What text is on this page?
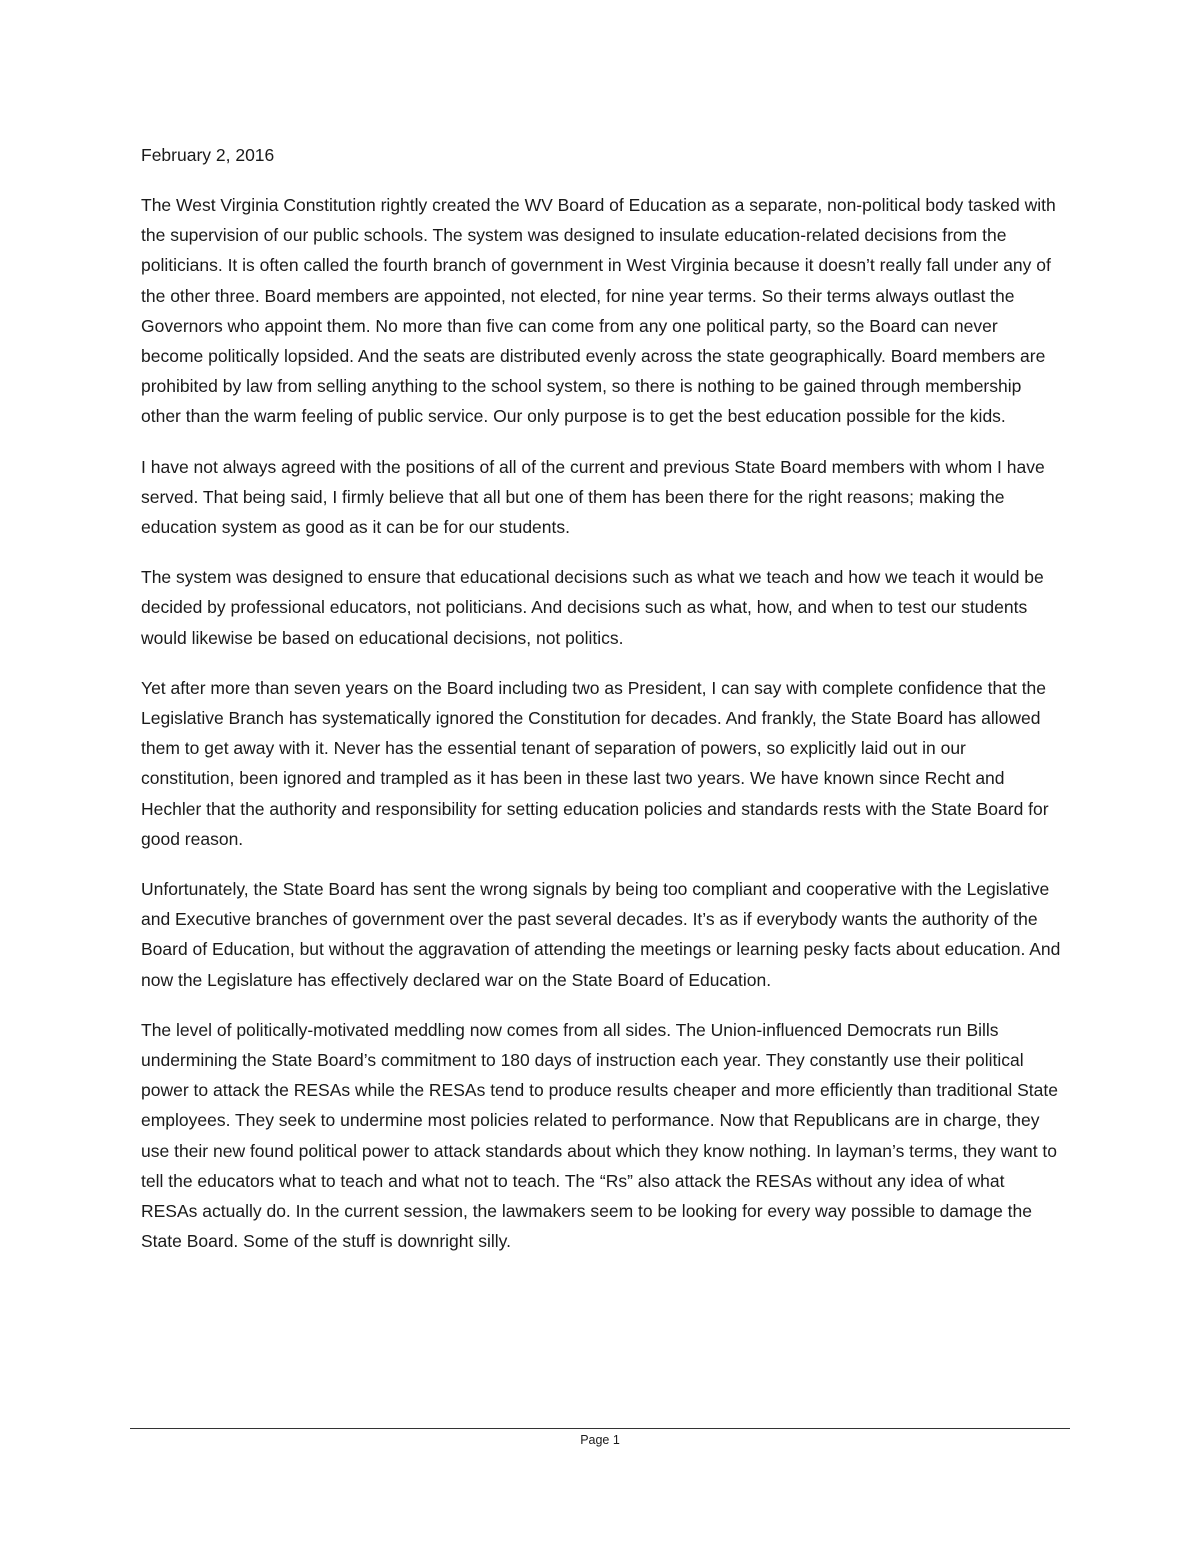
February 2, 2016

The West Virginia Constitution rightly created the WV Board of Education as a separate, non-political body tasked with the supervision of our public schools. The system was designed to insulate education-related decisions from the politicians. It is often called the fourth branch of government in West Virginia because it doesn’t really fall under any of the other three. Board members are appointed, not elected, for nine year terms. So their terms always outlast the Governors who appoint them. No more than five can come from any one political party, so the Board can never become politically lopsided. And the seats are distributed evenly across the state geographically. Board members are prohibited by law from selling anything to the school system, so there is nothing to be gained through membership other than the warm feeling of public service. Our only purpose is to get the best education possible for the kids.

I have not always agreed with the positions of all of the current and previous State Board members with whom I have served. That being said, I firmly believe that all but one of them has been there for the right reasons; making the education system as good as it can be for our students.

The system was designed to ensure that educational decisions such as what we teach and how we teach it would be decided by professional educators, not politicians. And decisions such as what, how, and when to test our students would likewise be based on educational decisions, not politics.

Yet after more than seven years on the Board including two as President, I can say with complete confidence that the Legislative Branch has systematically ignored the Constitution for decades. And frankly, the State Board has allowed them to get away with it. Never has the essential tenant of separation of powers, so explicitly laid out in our constitution, been ignored and trampled as it has been in these last two years. We have known since Recht and Hechler that the authority and responsibility for setting education policies and standards rests with the State Board for good reason.

Unfortunately, the State Board has sent the wrong signals by being too compliant and cooperative with the Legislative and Executive branches of government over the past several decades. It’s as if everybody wants the authority of the Board of Education, but without the aggravation of attending the meetings or learning pesky facts about education. And now the Legislature has effectively declared war on the State Board of Education.

The level of politically-motivated meddling now comes from all sides. The Union-influenced Democrats run Bills undermining the State Board’s commitment to 180 days of instruction each year. They constantly use their political power to attack the RESAs while the RESAs tend to produce results cheaper and more efficiently than traditional State employees. They seek to undermine most policies related to performance. Now that Republicans are in charge, they use their new found political power to attack standards about which they know nothing. In layman’s terms, they want to tell the educators what to teach and what not to teach. The “Rs” also attack the RESAs without any idea of what RESAs actually do. In the current session, the lawmakers seem to be looking for every way possible to damage the State Board. Some of the stuff is downright silly.

Page 1
